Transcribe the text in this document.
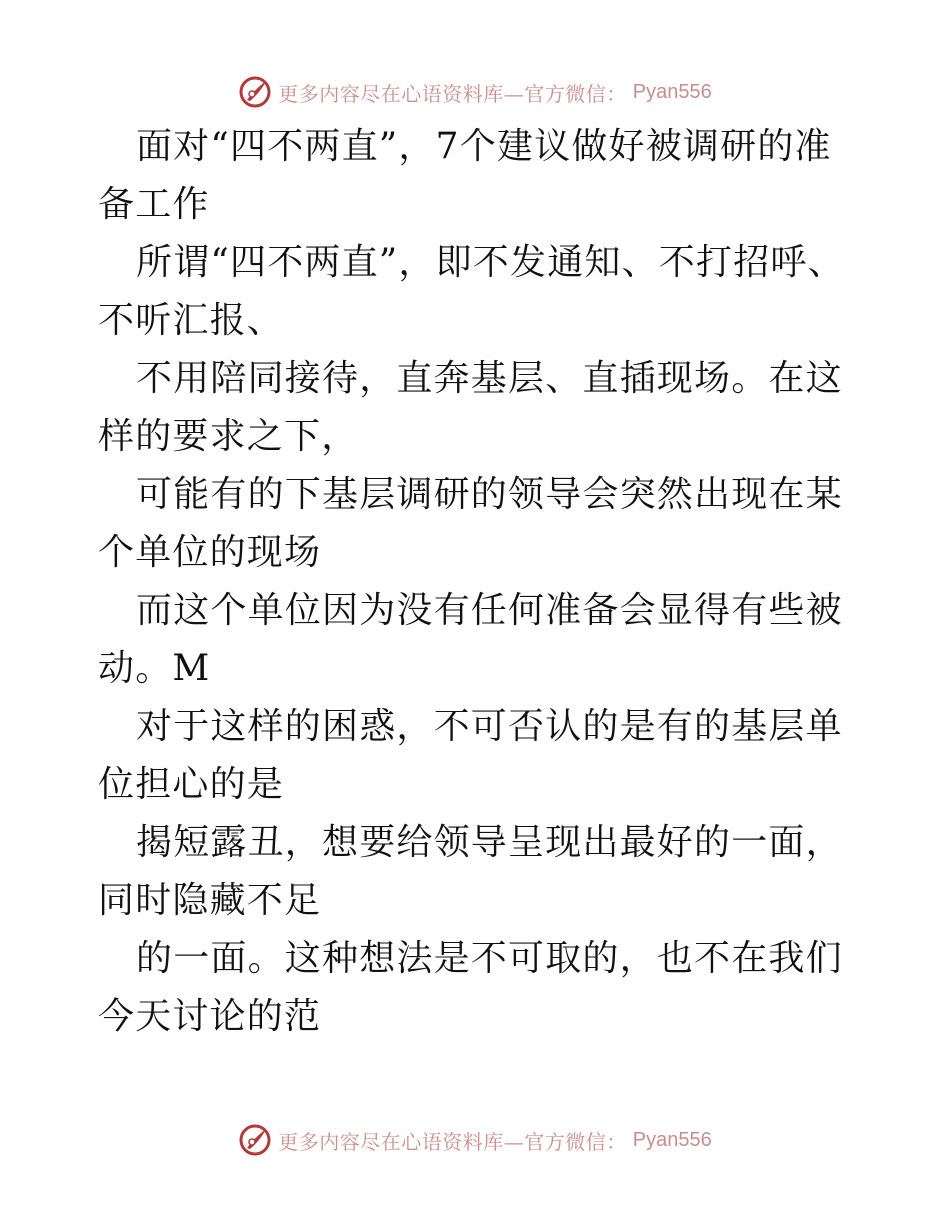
更多内容尽在心语资料库—官方微信： Pyan556

面对“四不两直”，7个建议做好被调研的准备工作

所谓“四不两直”，即不发通知、不打招呼、不听汇报、

不用陪同接待，直奔基层、直插现场。在这样的要求之下，

可能有的下基层调研的领导会突然出现在某个单位的现场

而这个单位因为没有任何准备会显得有些被动。M

对于这样的困惑，不可否认的是有的基层单位担心的是

揭短露丑，想要给领导呈现出最好的一面，同时隐藏不足

的一面。这种想法是不可取的，也不在我们今天讨论的范

更多内容尽在心语资料库—官方微信： Pyan556
